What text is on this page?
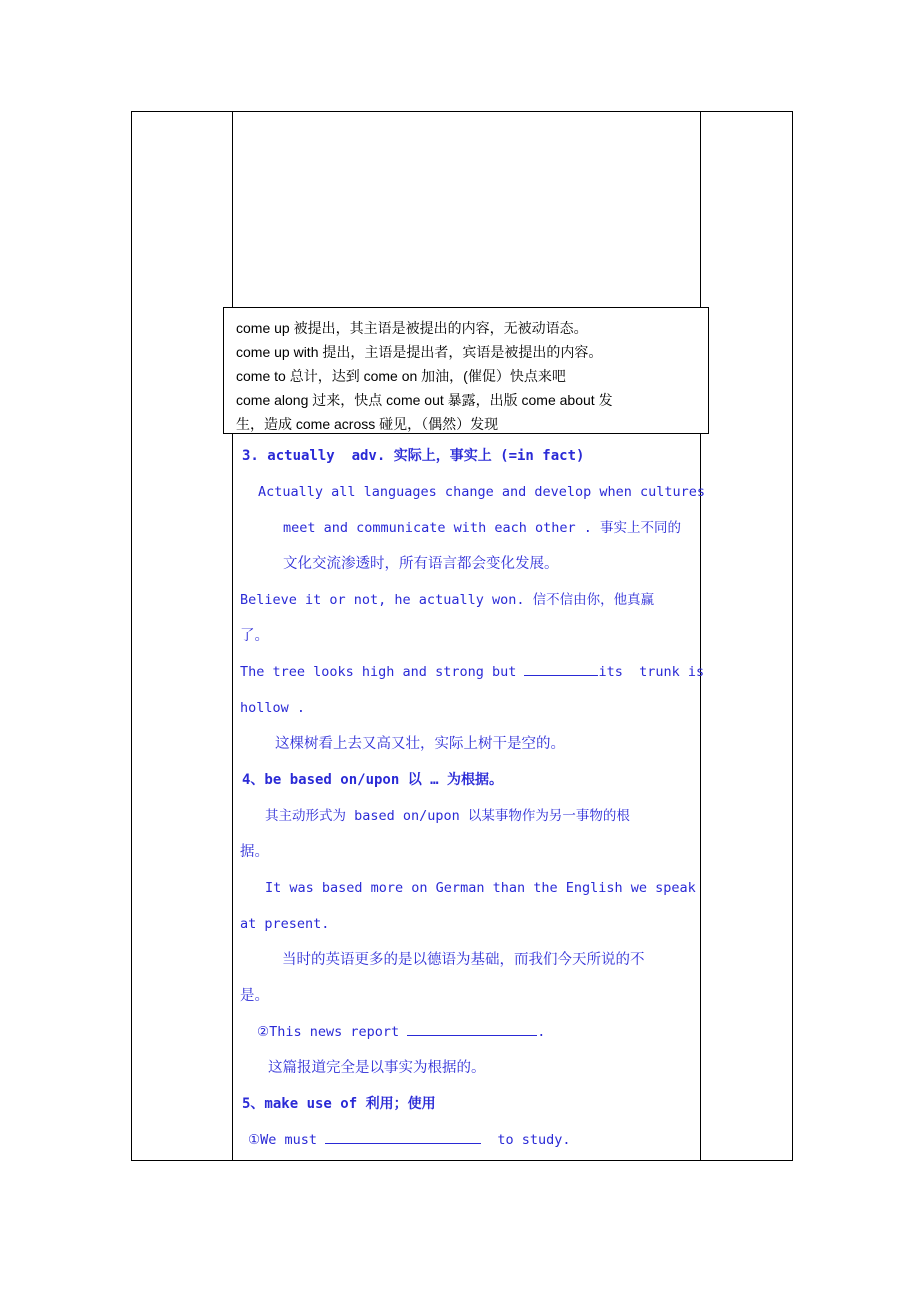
come up 被提出，其主语是被提出的内容，无被动语态。
come up with 提出，主语是提出者，宾语是被提出的内容。
come to 总计，达到 come on 加油，(催促）快点来吧
come along 过来，快点 come out 暴露，出版 come about 发
生，造成 come across 碰见，（偶然）发现
3. actually  adv. 实际上，事实上 (=in fact)
Actually all languages change and develop when cultures
meet and communicate with each other . 事实上不同的
文化交流渗透时，所有语言都会变化发展。
Believe it or not, he actually won. 信不信由你，他真赢
了。
The tree looks high and strong but	its  trunk is
hollow .
这棵树看上去又高又壮，实际上树干是空的。
4、be based on/upon 以 … 为根据。
其主动形式为 based on/upon 以某事物作为另一事物的根
据。
It was based more on German than the English we speak
at present.
当时的英语更多的是以德语为基础，而我们今天所说的不
是。
②This news report	.
这篇报道完全是以事实为根据的。
5、make use of 利用；使用
①We must	to study.
